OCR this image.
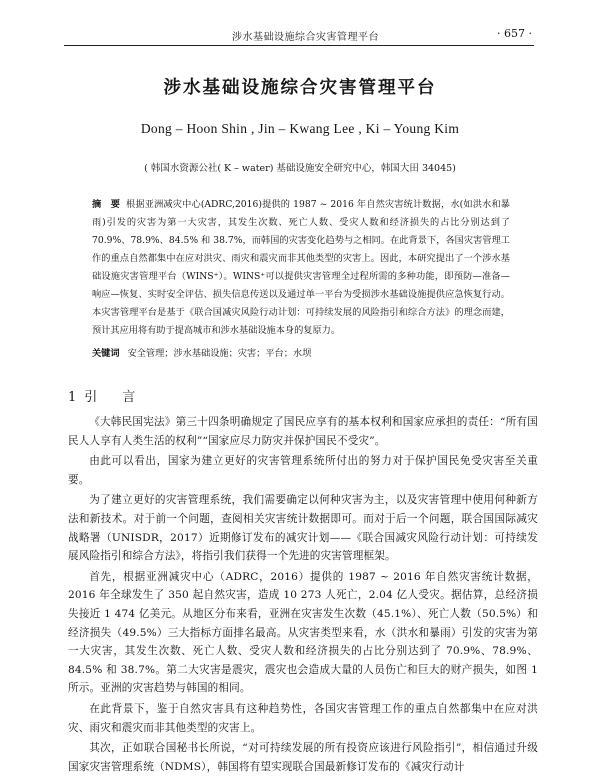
涉水基础设施综合灾害管理平台	· 657 ·
涉水基础设施综合灾害管理平台
Dong – Hoon Shin , Jin – Kwang Lee , Ki – Young Kim
( 韩国水资源公社( K – water) 基础设施安全研究中心，韩国大田 34045)
摘　要 根据亚洲减灾中心(ADRC,2016)提供的 1987 ~ 2016 年自然灾害统计数据，水(如洪水和暴雨)引发的灾害为第一大灾害，其发生次数、死亡人数、受灾人数和经济损失的占比分别达到了 70.9%、78.9%、84.5% 和 38.7%，而韩国的灾害变化趋势与之相同。在此背景下，各国灾害管理工作的重点自然都集中在应对洪灾、雨灾和震灾而非其他类型的灾害上。因此，本研究提出了一个涉水基础设施灾害管理平台（WINS⁺）。WINS⁺可以提供灾害管理全过程所需的多种功能，即预防—准备—响应—恢复、实时安全评估、损失信息传送以及通过单一平台为受损涉水基础设施提供应急恢复行动。本灾害管理平台是基于《联合国减灾风险行动计划：可持续发展的风险指引和综合方法》的理念而建，预计其应用将有助于提高城市和涉水基础设施本身的复原力。
关键词 安全管理；涉水基础设施；灾害；平台；水坝
1 引　言

《大韩民国宪法》第三十四条明确规定了国民应享有的基本权利和国家应承担的责任：“所有国民人人享有人类生活的权利”“国家应尽力防灾并保护国民不受灾”。

由此可以看出，国家为建立更好的灾害管理系统所付出的努力对于保护国民免受灾害至关重要。

为了建立更好的灾害管理系统，我们需要确定以何种灾害为主，以及灾害管理中使用何种新方法和新技术。对于前一个问题，查阅相关灾害统计数据即可。而对于后一个问题，联合国国际减灾战略署（UNISDR，2017）近期修订发布的减灾计划——《联合国减灾风险行动计划：可持续发展风险指引和综合方法》，将指引我们获得一个先进的灾害管理框架。

首先，根据亚洲减灾中心（ADRC，2016）提供的 1987 ~ 2016 年自然灾害统计数据，2016 年全球发生了 350 起自然灾害，造成 10 273 人死亡，2.04 亿人受灾。据估算，总经济损失接近 1 474 亿美元。从地区分布来看，亚洲在灾害发生次数（45.1%）、死亡人数（50.5%）和经济损失（49.5%）三大指标方面排名最高。从灾害类型来看，水（洪水和暴雨）引发的灾害为第一大灾害，其发生次数、死亡人数、受灾人数和经济损失的占比分别达到了 70.9%、78.9%、84.5% 和 38.7%。第二大灾害是震灾，震灾也会造成大量的人员伤亡和巨大的财产损失，如图 1 所示。亚洲的灾害趋势与韩国的相同。

在此背景下，鉴于自然灾害具有这种趋势性，各国灾害管理工作的重点自然都集中在应对洪灾、雨灾和震灾而非其他类型的灾害上。

其次，正如联合国秘书长所说，“对可持续发展的所有投资应该进行风险指引”，相信通过升级国家灾害管理系统（NDMS），韩国将有望实现联合国最新修订发布的《减灾行动计
